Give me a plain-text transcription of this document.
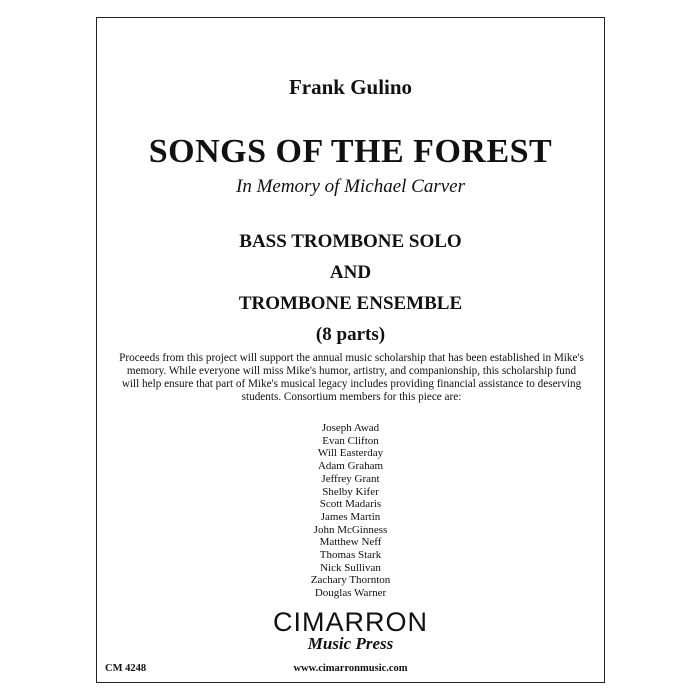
Frank Gulino
SONGS OF THE FOREST
In Memory of Michael Carver
BASS TROMBONE SOLO
AND
TROMBONE ENSEMBLE
(8 parts)
Proceeds from this project will support the annual music scholarship that has been established in Mike's memory. While everyone will miss Mike's humor, artistry, and companionship, this scholarship fund will help ensure that part of Mike's musical legacy includes providing financial assistance to deserving students. Consortium members for this piece are:
Joseph Awad
Evan Clifton
Will Easterday
Adam Graham
Jeffrey Grant
Shelby Kifer
Scott Madaris
James Martin
John McGinness
Matthew Neff
Thomas Stark
Nick Sullivan
Zachary Thornton
Douglas Warner
CIMARRON
Music Press
CM 4248	www.cimarronmusic.com
